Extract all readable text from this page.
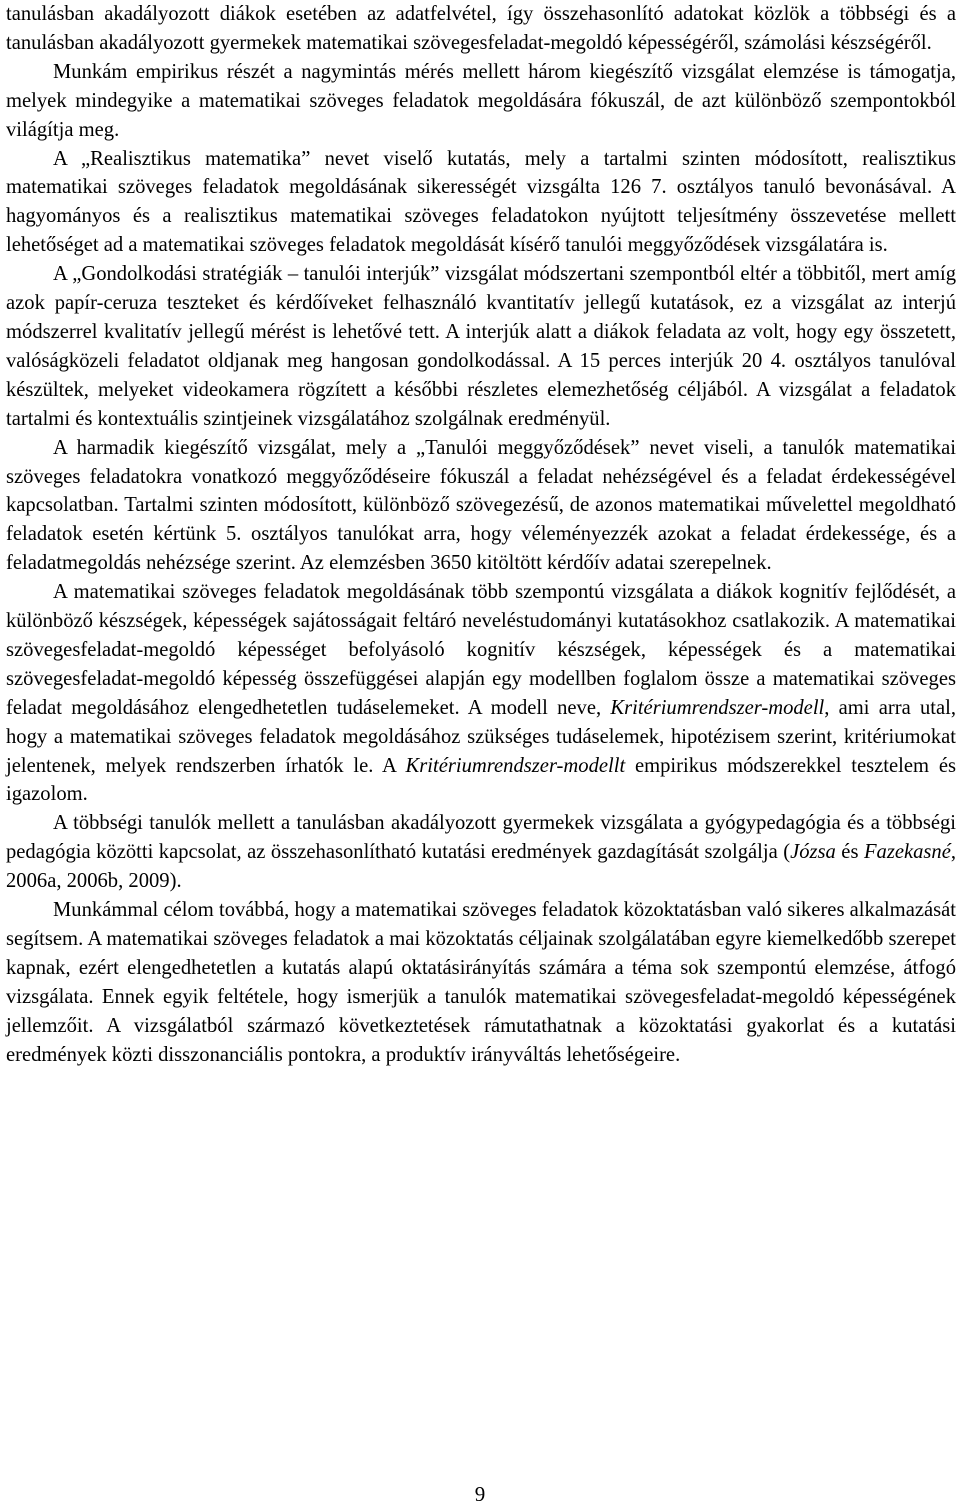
tanulásban akadályozott diákok esetében az adatfelvétel, így összehasonlító adatokat közlök a többségi és a tanulásban akadályozott gyermekek matematikai szövegesfeladat-megoldó képességéről, számolási készségéről.

Munkám empirikus részét a nagymintás mérés mellett három kiegészítő vizsgálat elemzése is támogatja, melyek mindegyike a matematikai szöveges feladatok megoldására fókuszál, de azt különböző szempontokból világítja meg.

A „Realisztikus matematika” nevet viselő kutatás, mely a tartalmi szinten módosított, realisztikus matematikai szöveges feladatok megoldásának sikerességét vizsgálta 126 7. osztályos tanuló bevonásával. A hagyományos és a realisztikus matematikai szöveges feladatokon nyújtott teljesítmény összevetése mellett lehetőséget ad a matematikai szöveges feladatok megoldását kísérő tanulói meggyőződések vizsgálatára is.

A „Gondolkodási stratégiák – tanulói interjúk” vizsgálat módszertani szempontból eltér a többitől, mert amíg azok papír-ceruza teszteket és kérdőíveket felhasználó kvantitatív jellegű kutatások, ez a vizsgálat az interjú módszerrel kvalitatív jellegű mérést is lehetővé tett. A interjúk alatt a diákok feladata az volt, hogy egy összetett, valóságközeli feladatot oldjanak meg hangosan gondolkodással. A 15 perces interjúk 20 4. osztályos tanulóval készültek, melyeket videokamera rögzített a későbbi részletes elemezhetőség céljából. A vizsgálat a feladatok tartalmi és kontextuális szintjeinek vizsgálatához szolgálnak eredményül.

A harmadik kiegészítő vizsgálat, mely a „Tanulói meggyőződések” nevet viseli, a tanulók matematikai szöveges feladatokra vonatkozó meggyőződéseire fókuszál a feladat nehézségével és a feladat érdekességével kapcsolatban. Tartalmi szinten módosított, különböző szövegezésű, de azonos matematikai művelettel megoldható feladatok esetén kértünk 5. osztályos tanulókat arra, hogy véleményezzék azokat a feladat érdekessége, és a feladatmegoldás nehézsége szerint. Az elemzésben 3650 kitöltött kérdőív adatai szerepelnek.

A matematikai szöveges feladatok megoldásának több szempontú vizsgálata a diákok kognitív fejlődését, a különböző készségek, képességek sajátosságait feltáró neveléstudományi kutatásokhoz csatlakozik. A matematikai szövegesfeladat-megoldó képességet befolyásoló kognitív készségek, képességek és a matematikai szövegesfeladat-megoldó képesség összefüggései alapján egy modellben foglalom össze a matematikai szöveges feladat megoldásához elengedhetetlen tudáselemeket. A modell neve, Kritériumrendszer-modell, ami arra utal, hogy a matematikai szöveges feladatok megoldásához szükséges tudáselemek, hipotézisem szerint, kritériumokat jelentenek, melyek rendszerben írhatók le. A Kritériumrendszer-modellt empirikus módszerekkel tesztelem és igazolom.

A többségi tanulók mellett a tanulásban akadályozott gyermekek vizsgálata a gyógypedagógia és a többségi pedagógia közötti kapcsolat, az összehasonlítható kutatási eredmények gazdagítását szolgálja (Józsa és Fazekasné, 2006a, 2006b, 2009).

Munkámmal célom továbbá, hogy a matematikai szöveges feladatok közoktatásban való sikeres alkalmazását segítsem. A matematikai szöveges feladatok a mai közoktatás céljainak szolgálatában egyre kiemelkedőbb szerepet kapnak, ezért elengedhetetlen a kutatás alapú oktatásirányítás számára a téma sok szempontú elemzése, átfogó vizsgálata. Ennek egyik feltétele, hogy ismerjük a tanulók matematikai szövegesfeladat-megoldó képességének jellemzőit. A vizsgálatból származó következtetések rámutathatnak a közoktatási gyakorlat és a kutatási eredmények közti disszonanciális pontokra, a produktív irányváltás lehetőségeire.

9
